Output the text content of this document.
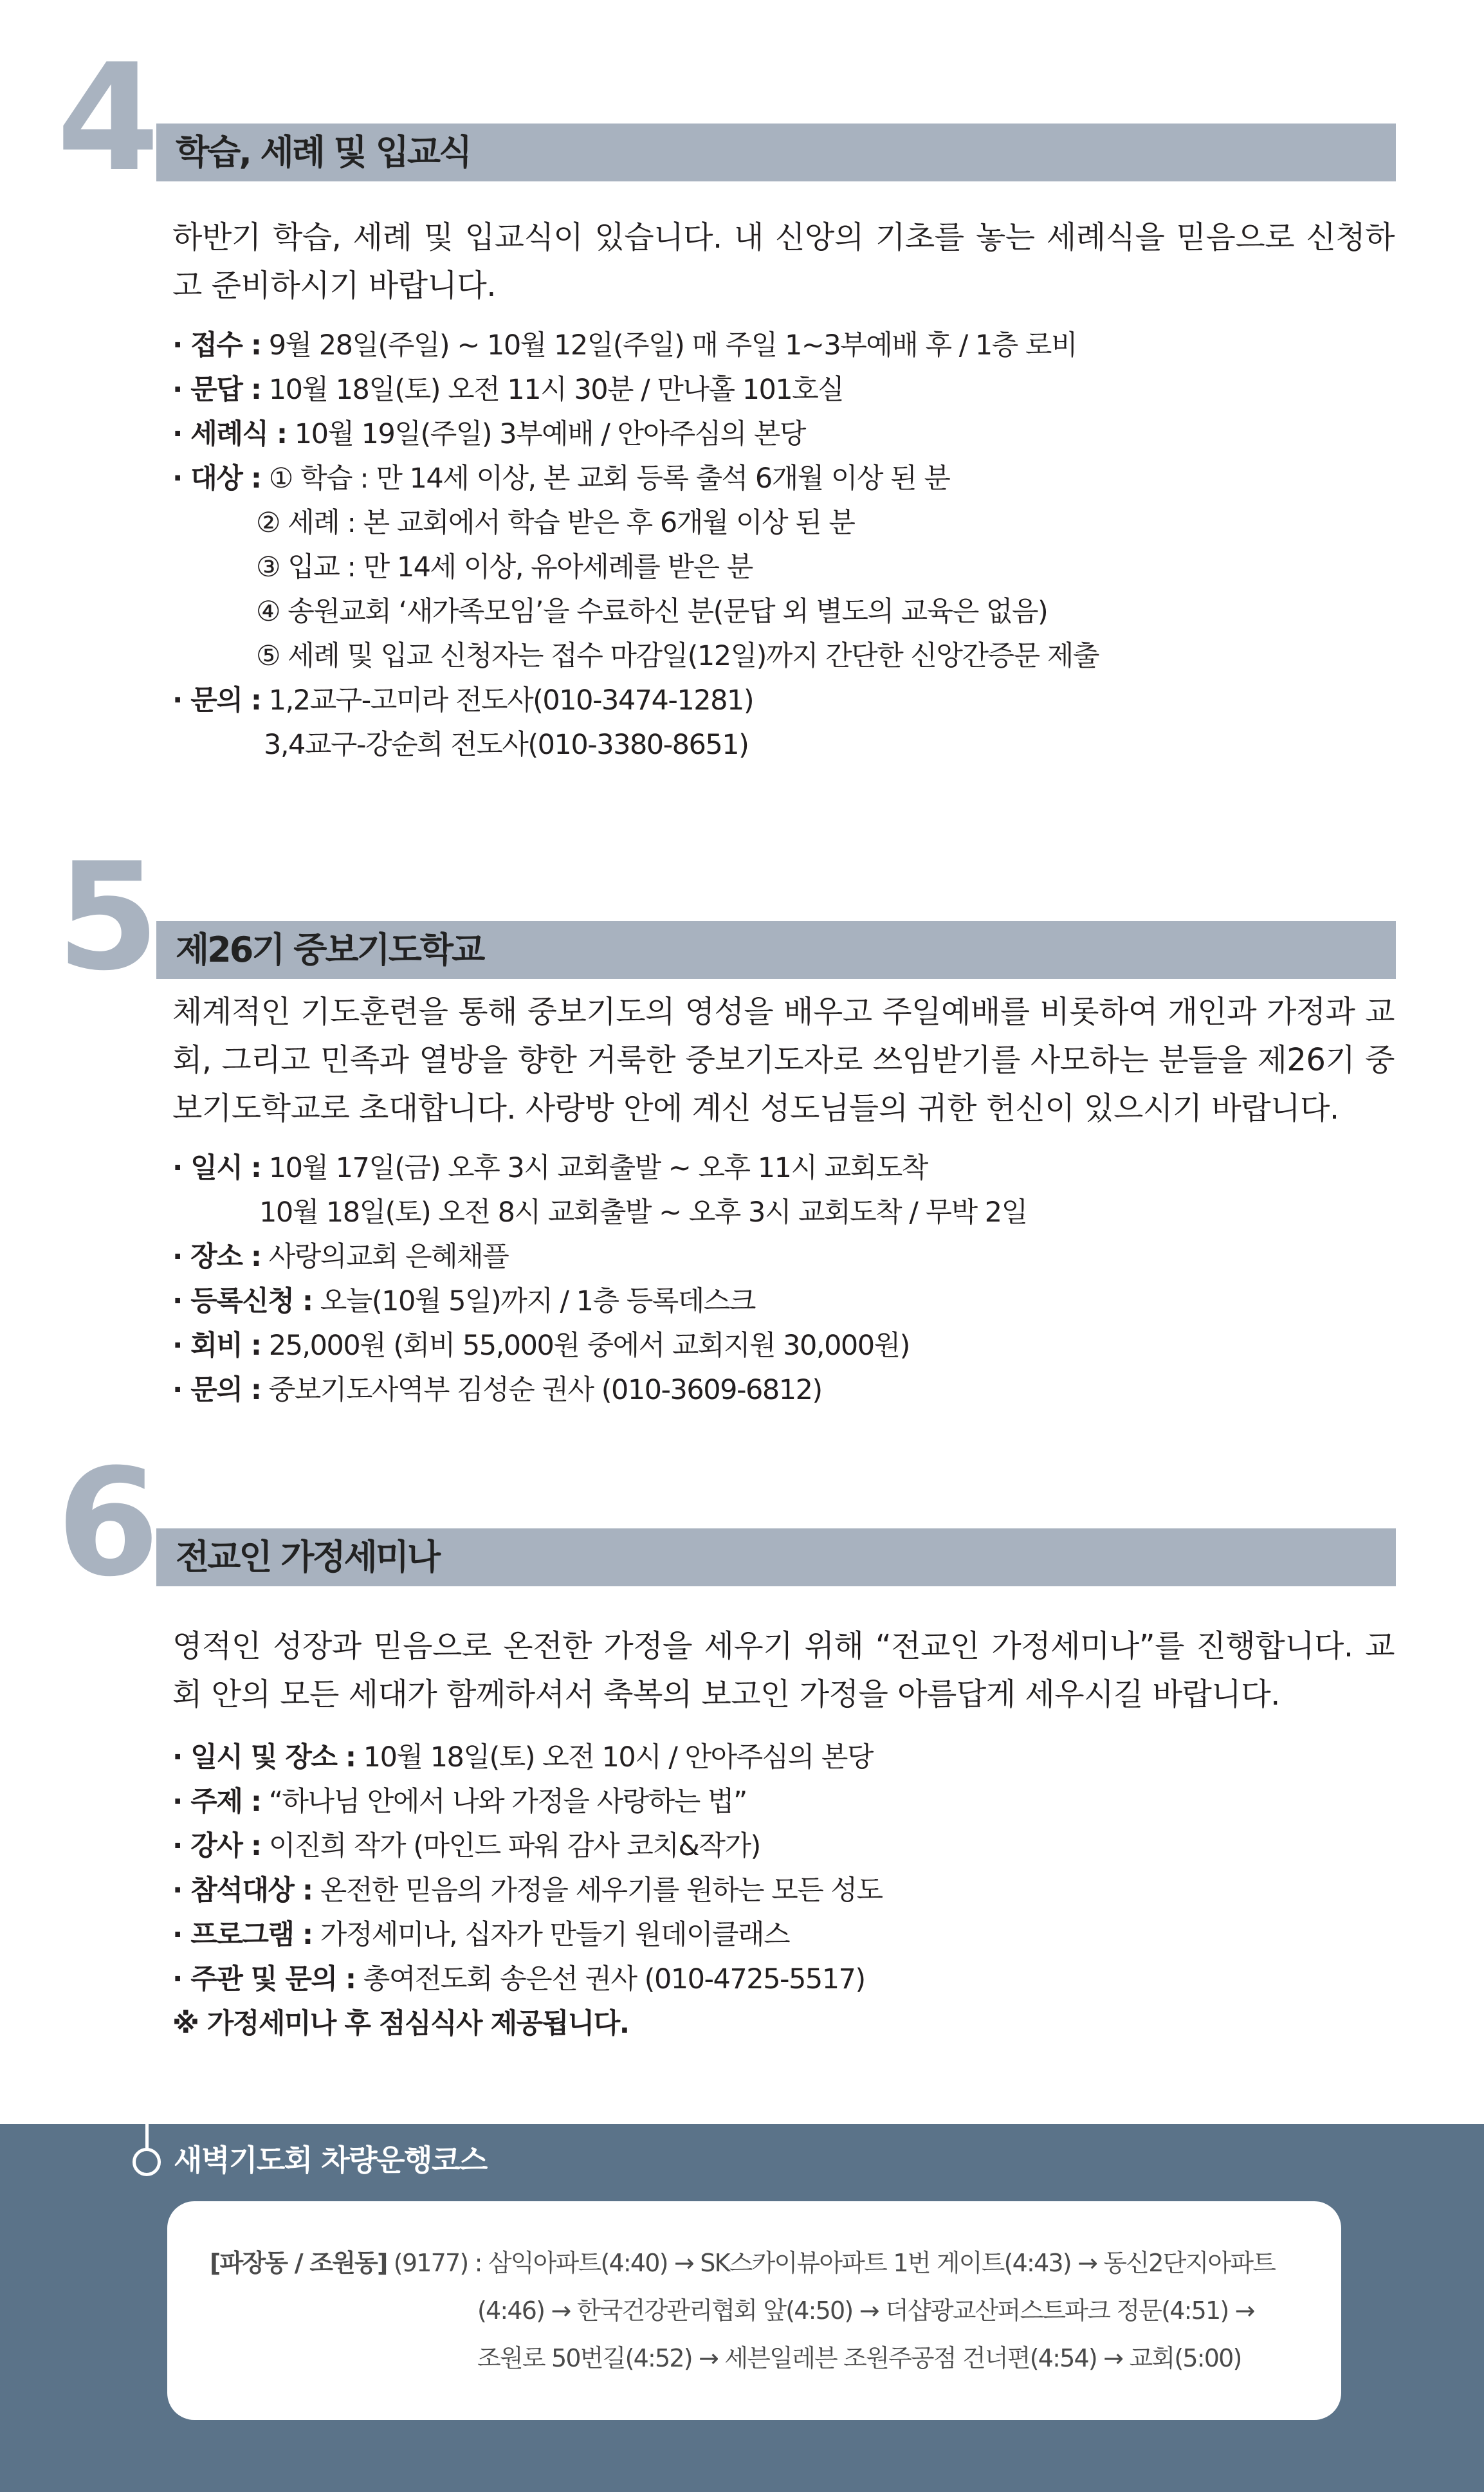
4 학습, 세례 및 입교식
하반기 학습, 세례 및 입교식이 있습니다. 내 신앙의 기초를 놓는 세례식을 믿음으로 신청하고 준비하시기 바랍니다.
· 접수 : 9월 28일(주일) ~ 10월 12일(주일) 매 주일 1~3부예배 후 / 1층 로비
· 문답 : 10월 18일(토) 오전 11시 30분 / 만나홀 101호실
· 세례식 : 10월 19일(주일) 3부예배 / 안아주심의 본당
· 대상 : ① 학습 : 만 14세 이상, 본 교회 등록 출석 6개월 이상 된 분
② 세례 : 본 교회에서 학습 받은 후 6개월 이상 된 분
③ 입교 : 만 14세 이상, 유아세례를 받은 분
④ 송원교회 ‘새가족모임’을 수료하신 분(문답 외 별도의 교육은 없음)
⑤ 세례 및 입교 신청자는 접수 마감일(12일)까지 간단한 신앙간증문 제출
· 문의 : 1,2교구-고미라 전도사(010-3474-1281)
3,4교구-강순희 전도사(010-3380-8651)
5 제26기 중보기도학교
체계적인 기도훈련을 통해 중보기도의 영성을 배우고 주일예배를 비롯하여 개인과 가정과 교회, 그리고 민족과 열방을 향한 거룩한 중보기도자로 쓰임받기를 사모하는 분들을 제26기 중보기도학교로 초대합니다. 사랑방 안에 계신 성도님들의 귀한 헌신이 있으시기 바랍니다.
· 일시 : 10월 17일(금) 오후 3시 교회출발 ~ 오후 11시 교회도착
10월 18일(토) 오전 8시 교회출발 ~ 오후 3시 교회도착 / 무박 2일
· 장소 : 사랑의교회 은혜채플
· 등록신청 : 오늘(10월 5일)까지 / 1층 등록데스크
· 회비 : 25,000원 (회비 55,000원 중에서 교회지원 30,000원)
· 문의 : 중보기도사역부 김성순 권사 (010-3609-6812)
6 전교인 가정세미나
영적인 성장과 믿음으로 온전한 가정을 세우기 위해 “전교인 가정세미나”를 진행합니다. 교회 안의 모든 세대가 함께하셔서 축복의 보고인 가정을 아름답게 세우시길 바랍니다.
· 일시 및 장소 : 10월 18일(토) 오전 10시 / 안아주심의 본당
· 주제 : “하나님 안에서 나와 가정을 사랑하는 법”
· 강사 : 이진희 작가 (마인드 파워 감사 코치&작가)
· 참석대상 : 온전한 믿음의 가정을 세우기를 원하는 모든 성도
· 프로그램 : 가정세미나, 십자가 만들기 원데이클래스
· 주관 및 문의 : 총여전도회 송은선 권사 (010-4725-5517)
※ 가정세미나 후 점심식사 제공됩니다.
새벽기도회 차량운행코스
[파장동 / 조원동] (9177) : 삼익아파트(4:40) → SK스카이뷰아파트 1번 게이트(4:43) → 동신2단지아파트
(4:46) → 한국건강관리협회 앞(4:50) → 더샵광교산퍼스트파크 정문(4:51) →
조원로 50번길(4:52) → 세븐일레븐 조원주공점 건너편(4:54) → 교회(5:00)
